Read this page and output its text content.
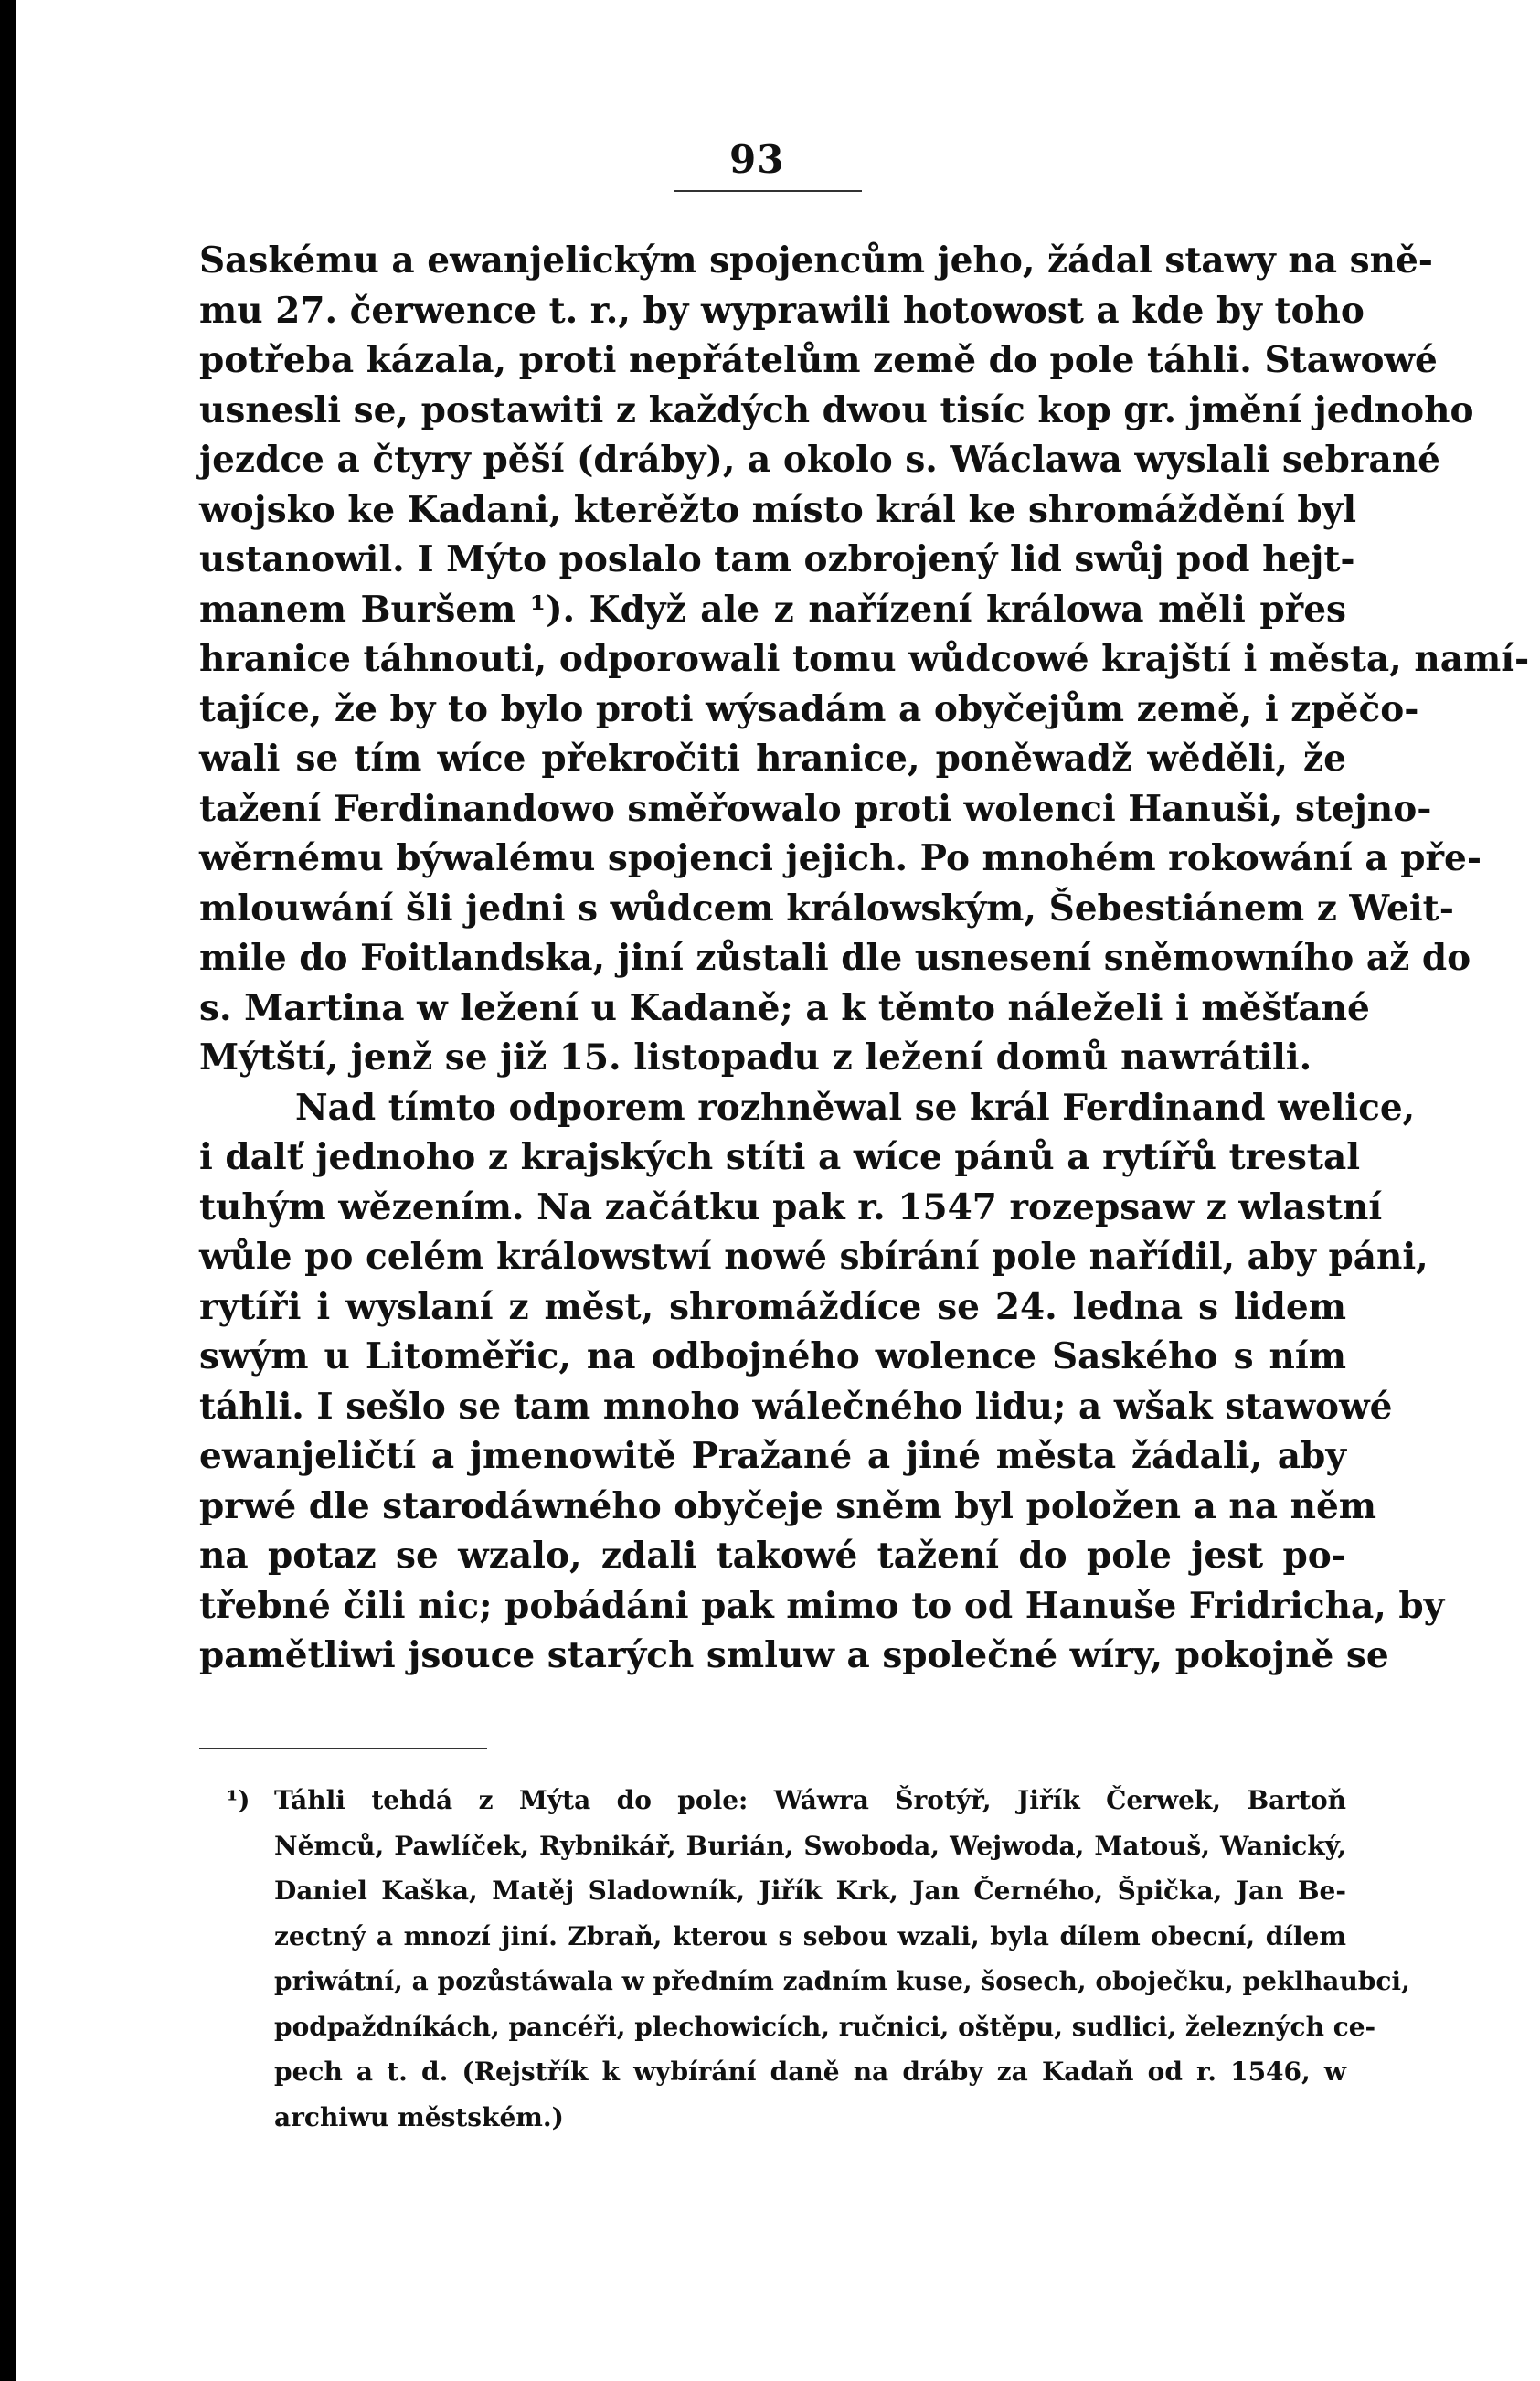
93
Saskému a ewanjelickým spojencům jeho, žádal stawy na sně-
mu 27. čerwence t. r., by wyprawili hotowost a kde by toho
potřeba kázala, proti nepřátelům země do pole táhli. Stawowé
usnesli se, postawiti z každých dwou tisíc kop gr. jmění jednoho
jezdce a čtyry pěší (dráby), a okolo s. Wáclawa wyslali sebrané
wojsko ke Kadani, kterěžto místo král ke shromáždění byl
ustanowil. I Mýto poslalo tam ozbrojený lid swůj pod hejt-
manem Buršem ¹). Když ale z nařízení králowa měli přes
hranice táhnouti, odporowali tomu wůdcowé krajští i města, namí-
tajíce, že by to bylo proti wýsadám a obyčejům země, i zpěčo-
wali se tím wíce překročiti hranice, poněwadž wěděli, že
tažení Ferdinandowo směřowalo proti wolenci Hanuši, stejno-
wěrnému býwalému spojenci jejich. Po mnohém rokowání a pře-
mlouwání šli jedni s wůdcem králowským, Šebestiánem z Weit-
mile do Foitlandska, jiní zůstali dle usnesení sněmowního až do
s. Martina w ležení u Kadaně; a k těmto náleželi i měšťané
Mýtští, jenž se již 15. listopadu z ležení domů nawrátili.
Nad tímto odporem rozhněwal se král Ferdinand welice,
i dalť jednoho z krajských stíti a wíce pánů a rytířů trestal
tuhým wězením. Na začátku pak r. 1547 rozepsaw z wlastní
wůle po celém králowstwí nowé sbírání pole nařídil, aby páni,
rytíři i wyslaní z měst, shromáždíce se 24. ledna s lidem
swým u Litoměřic, na odbojného wolence Saského s ním
táhli. I sešlo se tam mnoho wálečného lidu; a wšak stawowé
ewanjeličtí a jmenowitě Pražané a jiné města žádali, aby
prwé dle starodáwného obyčeje sněm byl položen a na něm
na potaz se wzalo, zdali takowé tažení do pole jest po-
třebné čili nic; pobádáni pak mimo to od Hanuše Fridricha, by
pamětliwi jsouce starých smluw a společné wíry, pokojně se
¹) Táhli tehdá z Mýta do pole: Wáwra Šrotýř, Jiřík Čerwek, Bartoň
Němců, Pawlíček, Rybnikář, Burián, Swoboda, Wejwoda, Matouš, Wanický,
Daniel Kaška, Matěj Sladowník, Jiřík Krk, Jan Černého, Špička, Jan Be-
zectný a mnozí jiní. Zbraň, kterou s sebou wzali, byla dílem obecní, dílem
priwátní, a pozůstáwala w předním zadním kuse, šosech, oboječku, peklhaubci,
podpaždníkách, pancéři, plechowicích, ručnici, oštěpu, sudlici, železných ce-
pech a t. d. (Rejstřík k wybírání daně na dráby za Kadaň od r. 1546, w
archiwu městském.)
